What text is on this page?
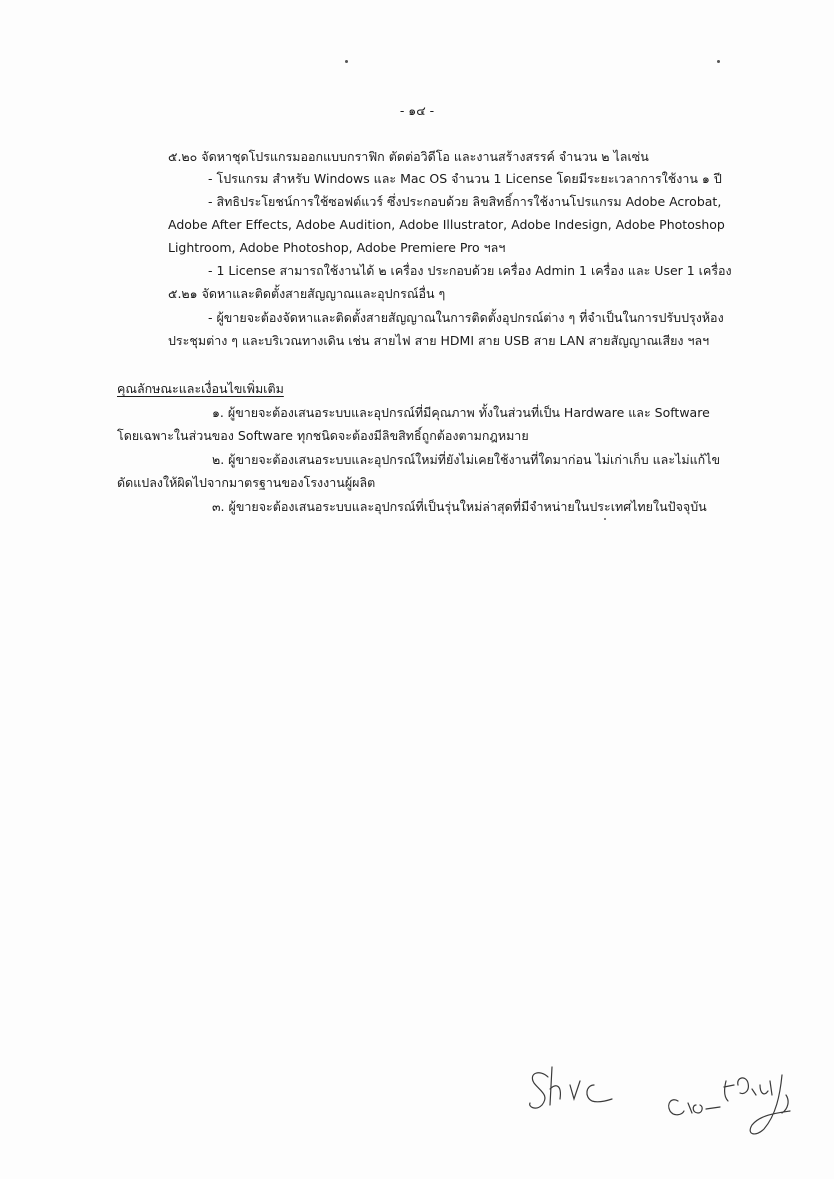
- ๑๔ -
๕.๒๐ จัดหาชุดโปรแกรมออกแบบกราฟิก ตัดต่อวิดีโอ และงานสร้างสรรค์ จำนวน ๒ ไลเซ่น
- โปรแกรม สำหรับ Windows และ Mac OS จำนวน 1 License โดยมีระยะเวลาการใช้งาน ๑ ปี
- สิทธิประโยชน์การใช้ซอฟต์แวร์ ซึ่งประกอบด้วย ลิขสิทธิ์การใช้งานโปรแกรม Adobe Acrobat,
Adobe After Effects, Adobe Audition, Adobe Illustrator, Adobe Indesign, Adobe Photoshop
Lightroom, Adobe Photoshop, Adobe Premiere Pro ฯลฯ
- 1 License สามารถใช้งานได้ ๒ เครื่อง ประกอบด้วย เครื่อง Admin 1 เครื่อง และ User 1 เครื่อง
๕.๒๑ จัดหาและติดตั้งสายสัญญาณและอุปกรณ์อื่น ๆ
- ผู้ขายจะต้องจัดหาและติดตั้งสายสัญญาณในการติดตั้งอุปกรณ์ต่าง ๆ ที่จำเป็นในการปรับปรุงห้อง
ประชุมต่าง ๆ และบริเวณทางเดิน เช่น สายไฟ สาย HDMI สาย USB สาย LAN สายสัญญาณเสียง ฯลฯ
คุณลักษณะและเงื่อนไขเพิ่มเติม
๑. ผู้ขายจะต้องเสนอระบบและอุปกรณ์ที่มีคุณภาพ ทั้งในส่วนที่เป็น Hardware และ Software
โดยเฉพาะในส่วนของ Software ทุกชนิดจะต้องมีลิขสิทธิ์ถูกต้องตามกฎหมาย
๒. ผู้ขายจะต้องเสนอระบบและอุปกรณ์ใหม่ที่ยังไม่เคยใช้งานที่ใดมาก่อน ไม่เก่าเก็บ และไม่แก้ไข
ดัดแปลงให้ผิดไปจากมาตรฐานของโรงงานผู้ผลิต
๓. ผู้ขายจะต้องเสนอระบบและอุปกรณ์ที่เป็นรุ่นใหม่ล่าสุดที่มีจำหน่ายในประเทศไทยในปัจจุบัน
